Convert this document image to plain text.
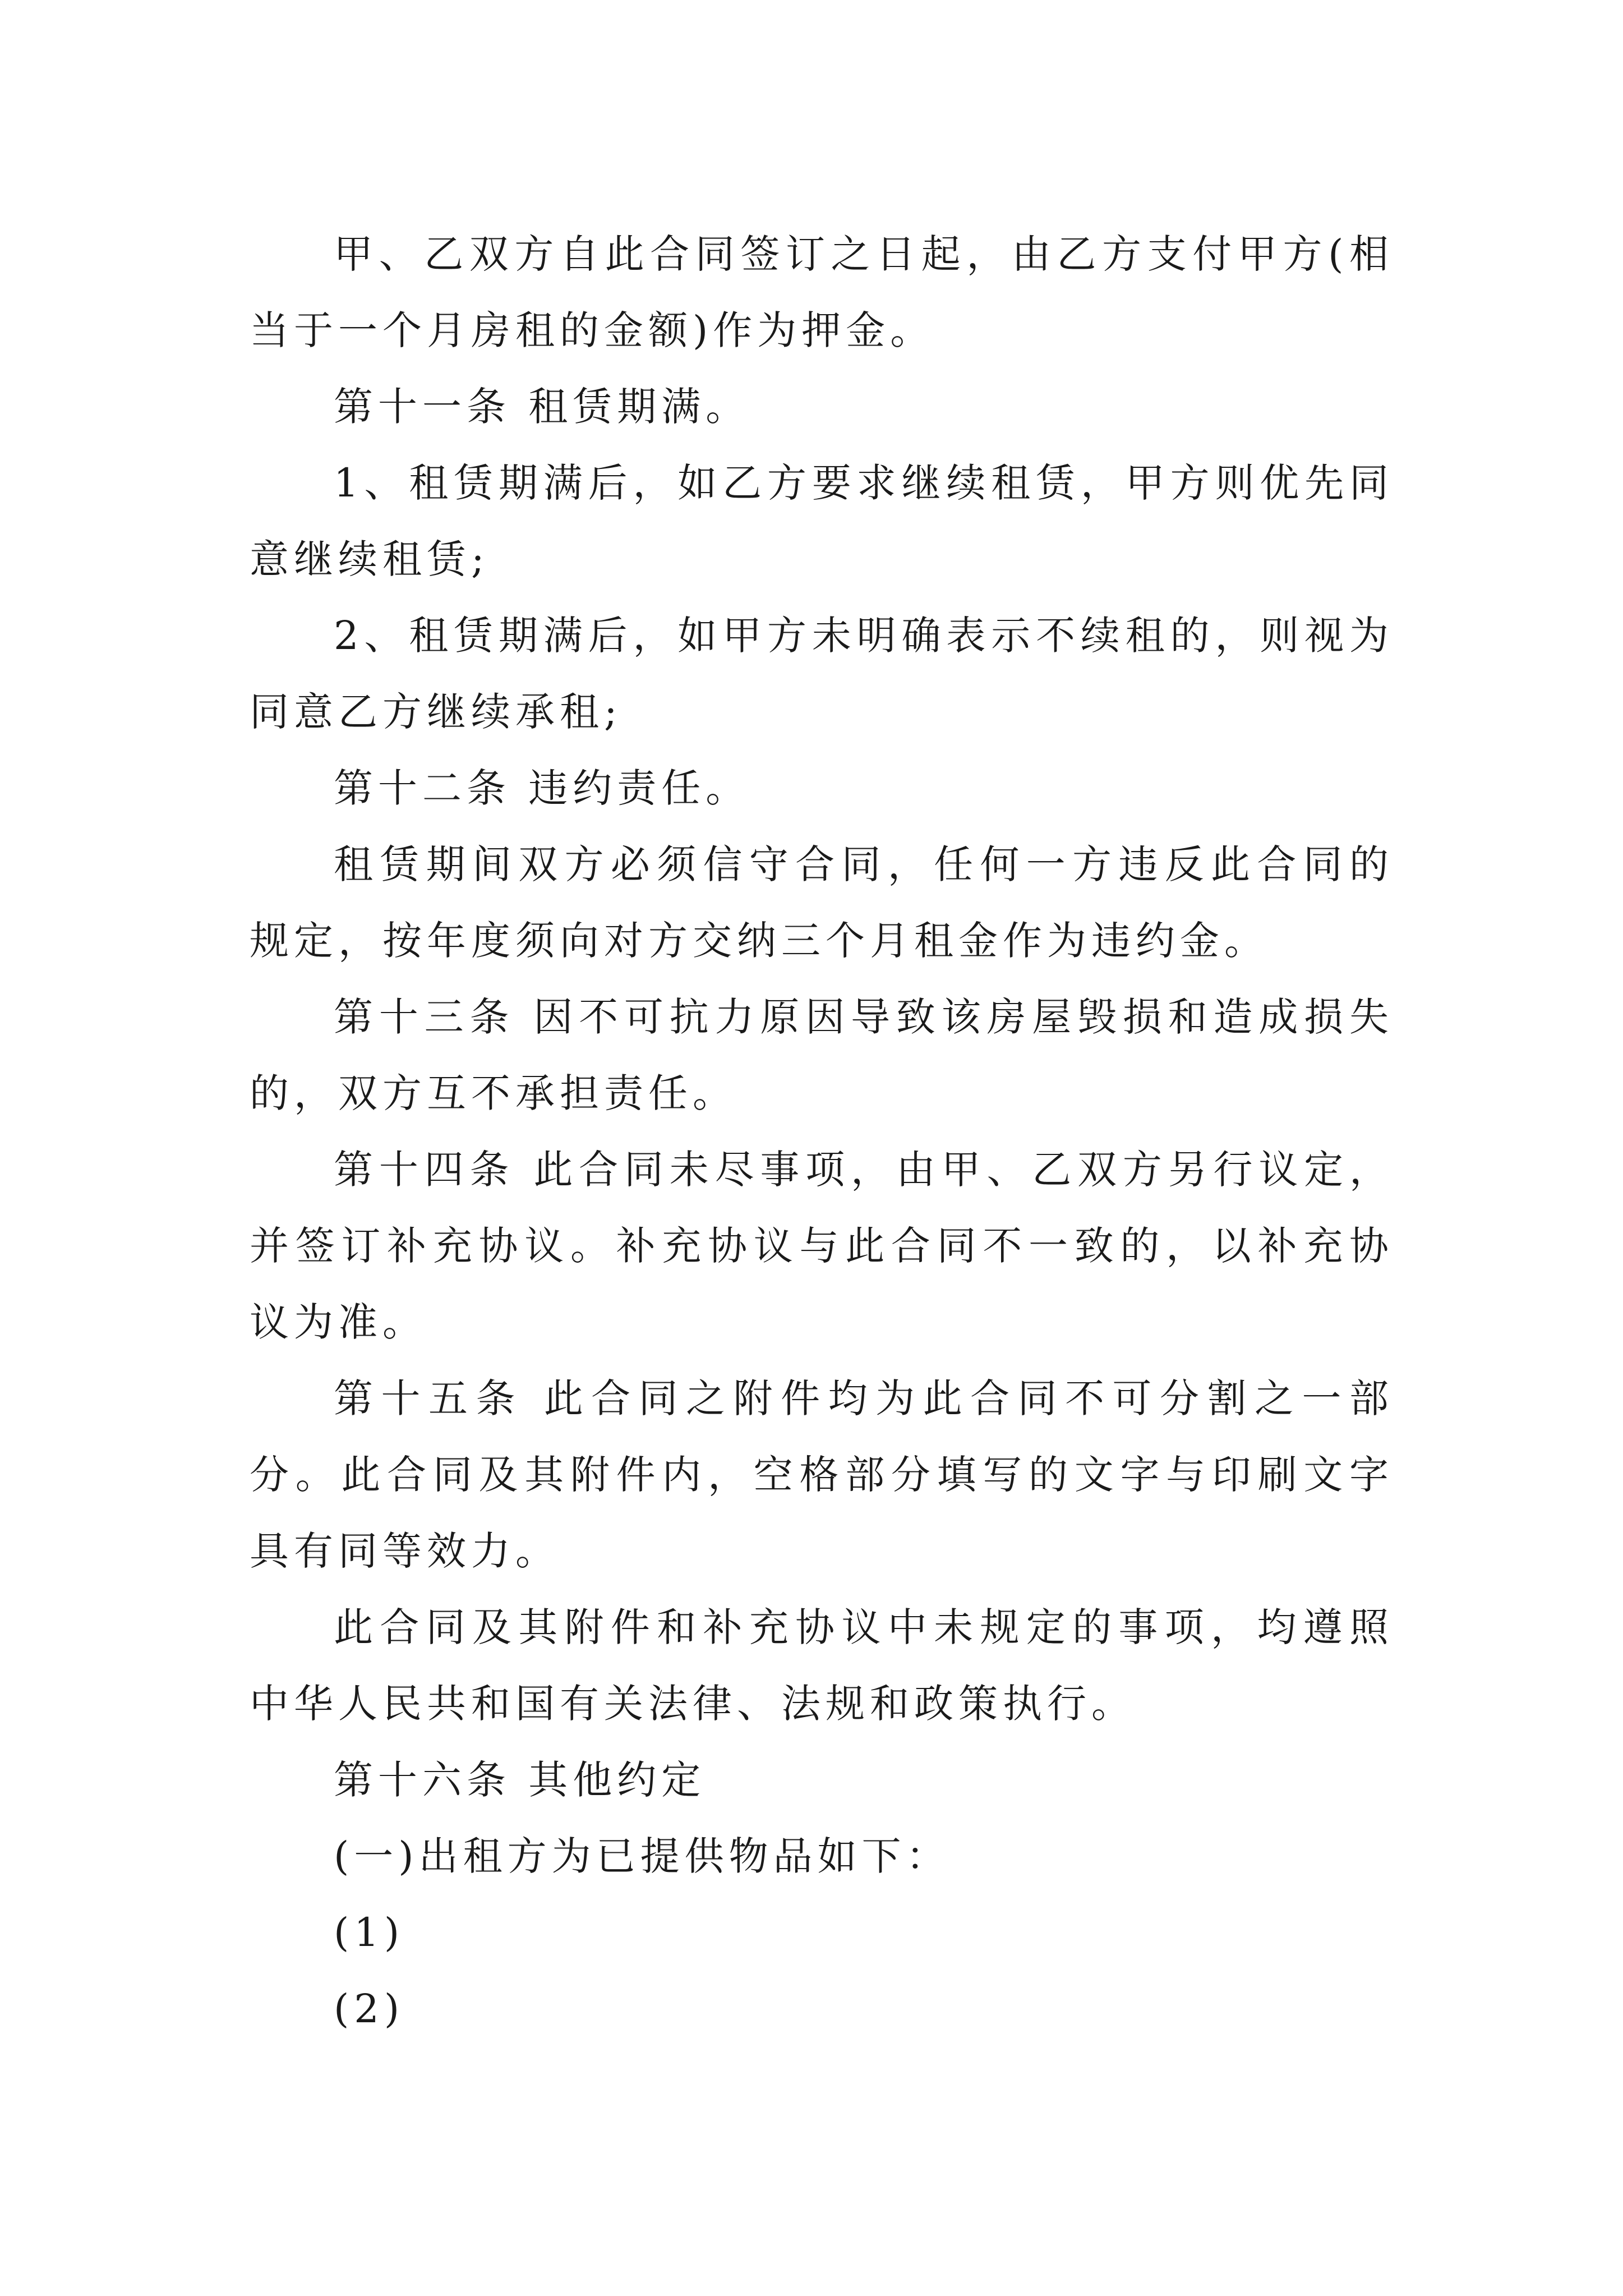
甲、乙双方自此合同签订之日起，由乙方支付甲方(相当于一个月房租的金额)作为押金。

第十一条 租赁期满。

1、租赁期满后，如乙方要求继续租赁，甲方则优先同意继续租赁;

2、租赁期满后，如甲方未明确表示不续租的，则视为同意乙方继续承租;

第十二条 违约责任。

租赁期间双方必须信守合同，任何一方违反此合同的规定，按年度须向对方交纳三个月租金作为违约金。

第十三条 因不可抗力原因导致该房屋毁损和造成损失的，双方互不承担责任。

第十四条 此合同未尽事项，由甲、乙双方另行议定，并签订补充协议。补充协议与此合同不一致的，以补充协议为准。

第十五条 此合同之附件均为此合同不可分割之一部分。此合同及其附件内，空格部分填写的文字与印刷文字具有同等效力。

此合同及其附件和补充协议中未规定的事项，均遵照中华人民共和国有关法律、法规和政策执行。

第十六条 其他约定

(一)出租方为已提供物品如下：

(1)

(2)
